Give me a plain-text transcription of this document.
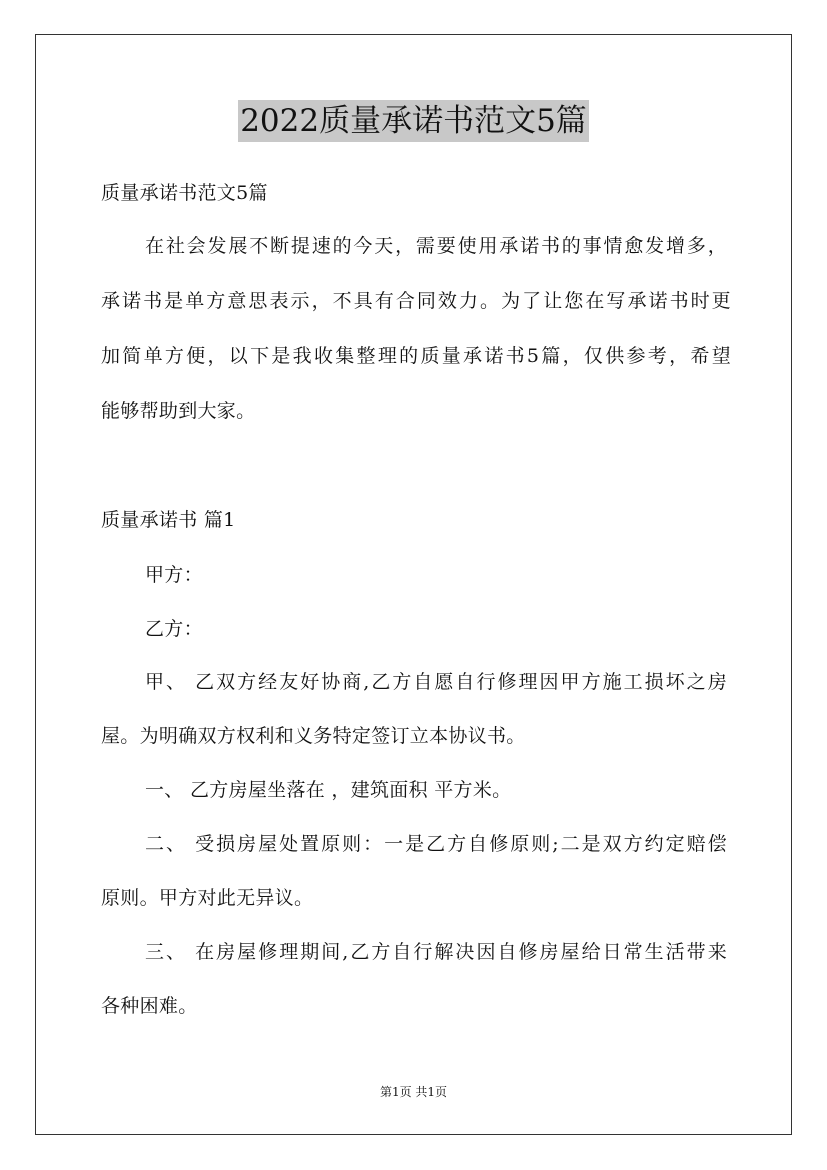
2022质量承诺书范文5篇
质量承诺书范文5篇
在社会发展不断提速的今天，需要使用承诺书的事情愈发增多，
承诺书是单方意思表示，不具有合同效力。为了让您在写承诺书时更
加简单方便，以下是我收集整理的质量承诺书5篇，仅供参考，希望
能够帮助到大家。
质量承诺书 篇1
甲方：
乙方：
甲、 乙双方经友好协商,乙方自愿自行修理因甲方施工损坏之房
屋。为明确双方权利和义务特定签订立本协议书。
一、 乙方房屋坐落在 ，建筑面积 平方米。
二、 受损房屋处置原则：一是乙方自修原则;二是双方约定赔偿
原则。甲方对此无异议。
三、 在房屋修理期间,乙方自行解决因自修房屋给日常生活带来
各种困难。
第1页 共1页
